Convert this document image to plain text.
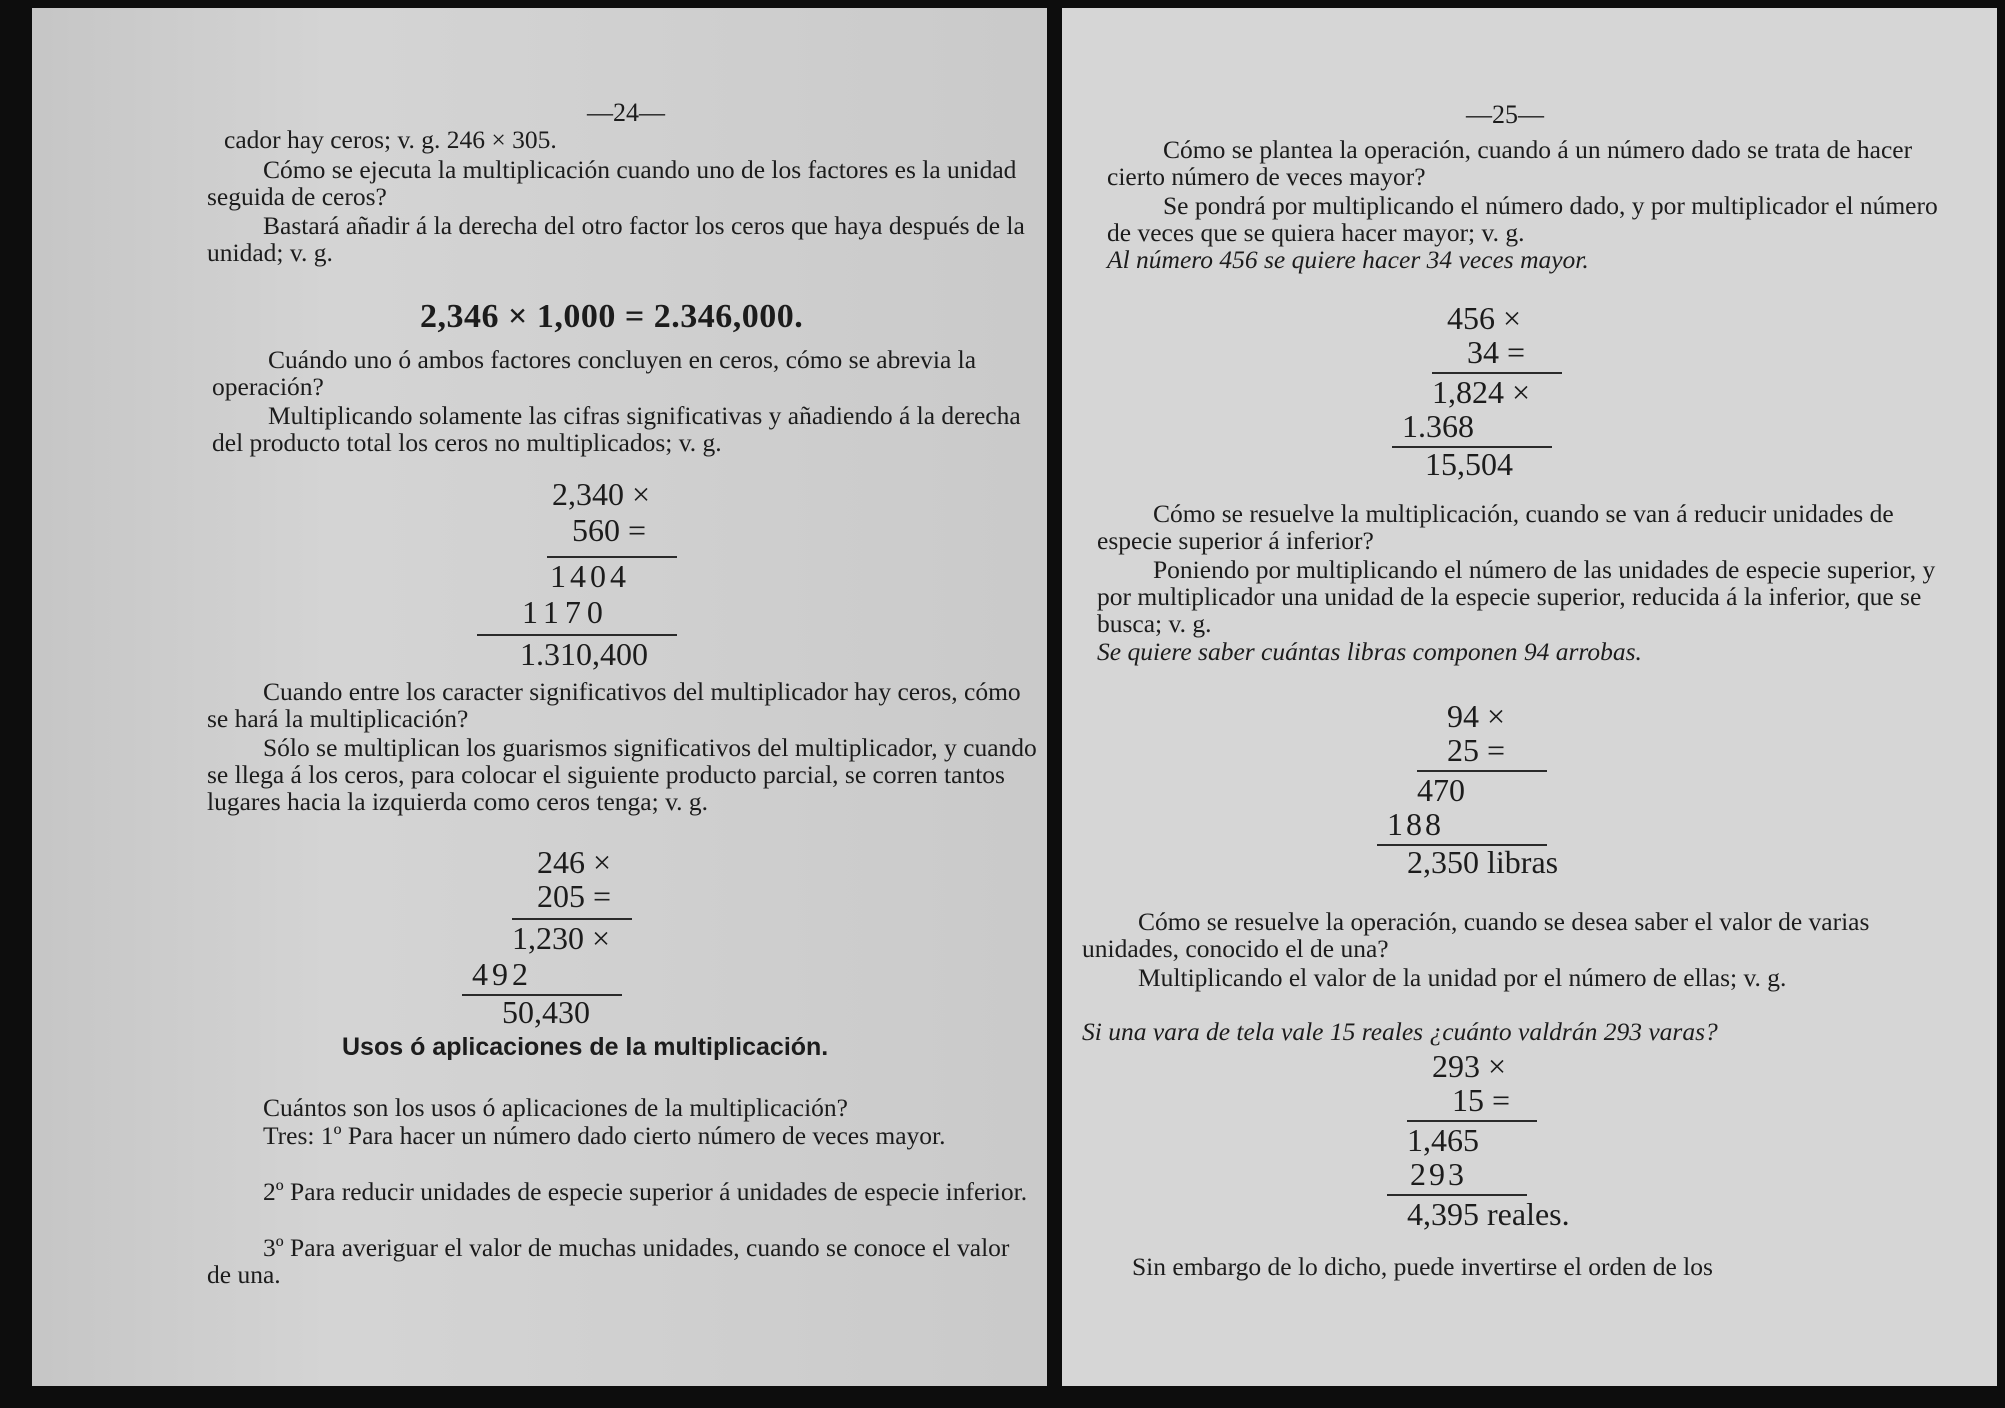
—24—

cador hay ceros; v. g. 246 × 305.

Cómo se ejecuta la multiplicación cuando uno de los factores es la unidad seguida de ceros?

Bastará añadir á la derecha del otro factor los ceros que haya después de la unidad; v. g.

2,346 × 1,000 = 2.346,000.

Cuándo uno ó ambos factores concluyen en ceros, cómo se abrevia la operación?

Multiplicando solamente las cifras significativas y añadiendo á la derecha del producto total los ceros no multiplicados; v. g.

2,340 ×
560 =
1404
1170
1.310,400

Cuando entre los caracter significativos del multiplicador hay ceros, cómo se hará la multiplicación?

Sólo se multiplican los guarismos significativos del multiplicador, y cuando se llega á los ceros, para colocar el siguiente producto parcial, se corren tantos lugares hacia la izquierda como ceros tenga; v. g.

246 ×
205 =
1,230 ×
492
50,430
Usos ó aplicaciones de la multiplicación.

Cuántos son los usos ó aplicaciones de la multiplicación?

Tres: 1º Para hacer un número dado cierto número de veces mayor.

2º Para reducir unidades de especie superior á unidades de especie inferior.

3º Para averiguar el valor de muchas unidades, cuando se conoce el valor de una.

—25—

Cómo se plantea la operación, cuando á un número dado se trata de hacer cierto número de veces mayor?

Se pondrá por multiplicando el número dado, y por multiplicador el número de veces que se quiera hacer mayor; v. g.

Al número 456 se quiere hacer 34 veces mayor.

456 ×
34 =
1,824 ×
1.368
15,504

Cómo se resuelve la multiplicación, cuando se van á reducir unidades de especie superior á inferior?

Poniendo por multiplicando el número de las unidades de especie superior, y por multiplicador una unidad de la especie superior, reducida á la inferior, que se busca; v. g.

Se quiere saber cuántas libras componen 94 arrobas.

94 ×
25 =
470
188
2,350 libras

Cómo se resuelve la operación, cuando se desea saber el valor de varias unidades, conocido el de una?

Multiplicando el valor de la unidad por el número de ellas; v. g.

Si una vara de tela vale 15 reales ¿cuánto valdrán 293 varas?

293 ×
15 =
1,465
293
4,395 reales.

Sin embargo de lo dicho, puede invertirse el orden de los
